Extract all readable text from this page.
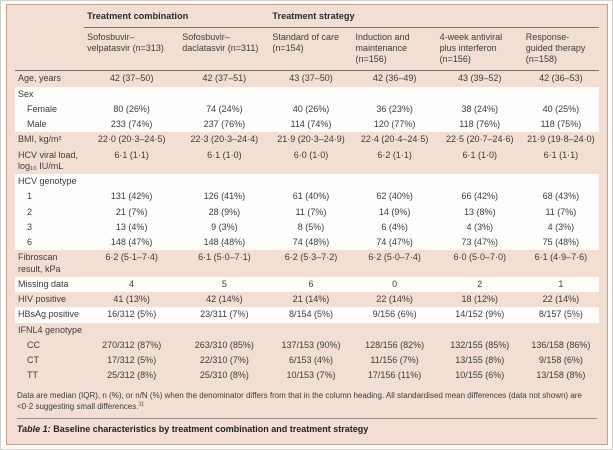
	Treatment combination		Treatment strategy			
	Sofosbuvir–velpatasvir (n=313)	Sofosbuvir–daclatasvir (n=311)	Standard of care (n=154)	Induction and maintenance (n=156)	4-week antiviral plus interferon (n=156)	Response-guided therapy (n=158)
Age, years	42 (37–50)	42 (37–51)	43 (37–50)	42 (36–49)	43 (39–52)	42 (36–53)
Sex						
Female	80 (26%)	74 (24%)	40 (26%)	36 (23%)	38 (24%)	40 (25%)
Male	233 (74%)	237 (76%)	114 (74%)	120 (77%)	118 (76%)	118 (75%)
BMI, kg/m²	22·0 (20·3–24·5)	22·3 (20·3–24·4)	21·9 (20·3–24·9)	22·4 (20·4–24·5)	22·5 (20·7–24·6)	21·9 (19·8–24·0)
HCV viral load, log₁₀ IU/mL	6·1 (1·1)	6·1 (1·0)	6·0 (1·0)	6·2 (1·1)	6·1 (1·0)	6·1 (1·1)
HCV genotype						
1	131 (42%)	126 (41%)	61 (40%)	62 (40%)	66 (42%)	68 (43%)
2	21 (7%)	28 (9%)	11 (7%)	14 (9%)	13 (8%)	11 (7%)
3	13 (4%)	9 (3%)	8 (5%)	6 (4%)	4 (3%)	4 (3%)
6	148 (47%)	148 (48%)	74 (48%)	74 (47%)	73 (47%)	75 (48%)
Fibroscan result, kPa	6·2 (5·1–7·4)	6·1 (5·0–7·1)	6·2 (5·3–7·2)	6·2 (5·0–7·4)	6·0 (5·0–7·0)	6·1 (4·9–7·6)
Missing data	4	5	6	0	2	1
HIV positive	41 (13%)	42 (14%)	21 (14%)	22 (14%)	18 (12%)	22 (14%)
HBsAg positive	16/312 (5%)	23/311 (7%)	8/154 (5%)	9/156 (6%)	14/152 (9%)	8/157 (5%)
IFNL4 genotype						
CC	270/312 (87%)	263/310 (85%)	137/153 (90%)	128/156 (82%)	132/155 (85%)	136/158 (86%)
CT	17/312 (5%)	22/310 (7%)	6/153 (4%)	11/156 (7%)	13/155 (8%)	9/158 (6%)
TT	25/312 (8%)	25/310 (8%)	10/153 (7%)	17/156 (11%)	10/155 (6%)	13/158 (8%)
Data are median (IQR), n (%), or n/N (%) when the denominator differs from that in the column heading. All standardised mean differences (data not shown) are <0·2 suggesting small differences.$^{11}$
Table 1: Baseline characteristics by treatment combination and treatment strategy
